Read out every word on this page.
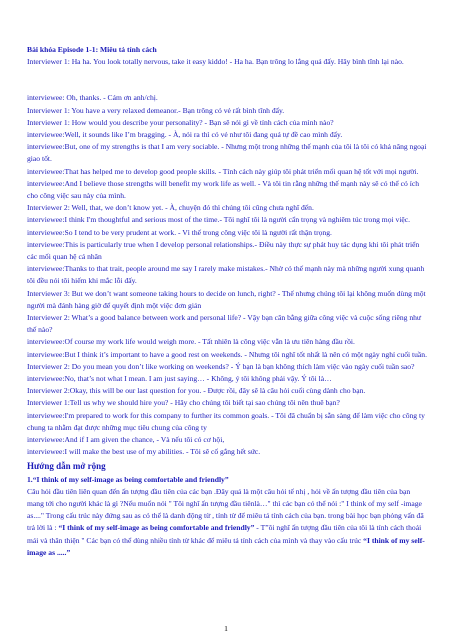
Bài khóa Episode 1-1: Miêu tả tính cách

Interviewer 1: Ha ha. You look totally nervous, take it easy kiddo! - Ha ha. Bạn trông lo lắng quá đấy. Hãy bình tĩnh lại nào.

interviewee: Oh, thanks. - Cám ơn anh/chị.

Interviewer 1: You have a very relaxed demeanor.- Bạn trông có vẻ rất bình tĩnh đấy.

Interviewer 1: How would you describe your personality? - Bạn sẽ nói gì về tính cách của mình nào?

interviewee:Well, it sounds like I’m bragging. - À, nói ra thì có vẻ như tôi đang quá tự đề cao mình đấy.

interviewee:But, one of my strengths is that I am very sociable. - Nhưng một trong những thế mạnh của tôi là tôi có khả năng ngoại giao tốt.

interviewee:That has helped me to develop good people skills. - Tính cách này giúp tôi phát triển mối quan hệ tốt với mọi người.

interviewee:And I believe those strengths will benefit my work life as well. - Và tôi tin rằng những thế mạnh này sẽ có thể có ích cho công việc sau này của mình.

Interviewer 2: Well, that, we don’t know yet. - À, chuyện đó thì chúng tôi cũng chưa nghĩ đến.

interviewee:I think I'm thoughtful and serious most of the time.- Tôi nghĩ tôi là người cẩn trọng và nghiêm túc trong mọi việc.

interviewee:So I tend to be very prudent at work. - Vì thế trong công việc tôi là người rất thận trọng.

interviewee:This is particularly true when I develop personal relationships.- Điều này thực sự phát huy tác dụng khi tôi phát triển các mối quan hệ cá nhân

interviewee:Thanks to that trait, people around me say I rarely make mistakes.- Nhờ có thế mạnh này mà những người xung quanh tôi đều nói tôi hiếm khi mắc lỗi đấy.

Interviewer 3: But we don’t want someone taking hours to decide on lunch, right? - Thế nhưng chúng tôi lại không muốn dùng một người mà đánh hàng giờ để quyết định một việc đơn giản

Interviewer 2: What’s a good balance between work and personal life? - Vậy bạn cân bằng giữa công việc và cuộc sống riêng như thế nào?

interviewee:Of course my work life would weigh more. - Tất nhiên là công việc vẫn là ưu tiên hàng đầu rồi.

interviewee:But I think it’s important to have a good rest on weekends. - Nhưng tôi nghĩ tốt nhất là nên có một ngày nghỉ cuối tuần.

Interviewer 2: Do you mean you don’t like working on weekends? - Ý bạn là bạn không thích làm việc vào ngày cuối tuần sao?interviewee:No, that’s not what I mean. I am just saying… - Không, ý tôi không phải vậy. Ý tôi là…

Interviewer 2:Okay, this will be our last question for you. - Được rồi, đây sẽ là câu hỏi cuối cùng dành cho bạn.

Interviewer 1:Tell us why we should hire you? - Hãy cho chúng tôi biết tại sao chúng tôi nên thuê bạn?

interviewee:I'm prepared to work for this company to further its common goals. - Tôi đã chuẩn bị sẵn sàng để làm việc cho công ty chung ta nhằm đạt được những mục tiêu chung của công ty

interviewee:And if I am given the chance, - Và nếu tôi có cơ hội,

interviewee:I will make the best use of my abilities. - Tôi sẽ cố gắng hết sức.

Hướng dẫn mở rộng

1.“I think of my self-image as being comfortable and friendly”

Câu hỏi đầu tiên liên quan đến ấn tượng đầu tiên của các bạn .Đây quả là một câu hỏi tế nhị , hỏi về ấn tượng đầu tiên của bạn mang tới cho người khác là gì ?Nếu muốn nói " Tôi nghĩ ấn tượng đầu tiênlà…" thì các bạn có thể nói :" I think of my self -image as...." Trong cấu trúc này đứng sau as có thể là danh động từ , tính từ để miêu tả tính cách của bạn. trong bài học bạn phỏng vấn đã trả lời là : “I think of my self-image as being comfortable and friendly” - T”ôi nghĩ ấn tượng đầu tiên của tôi là tính cách thoải mái và thân thiện " Các bạn có thể dùng nhiều tính từ khác để miêu tả tính cách của mình và thay vào cấu trúc “I think of my self-image as .....”

1
